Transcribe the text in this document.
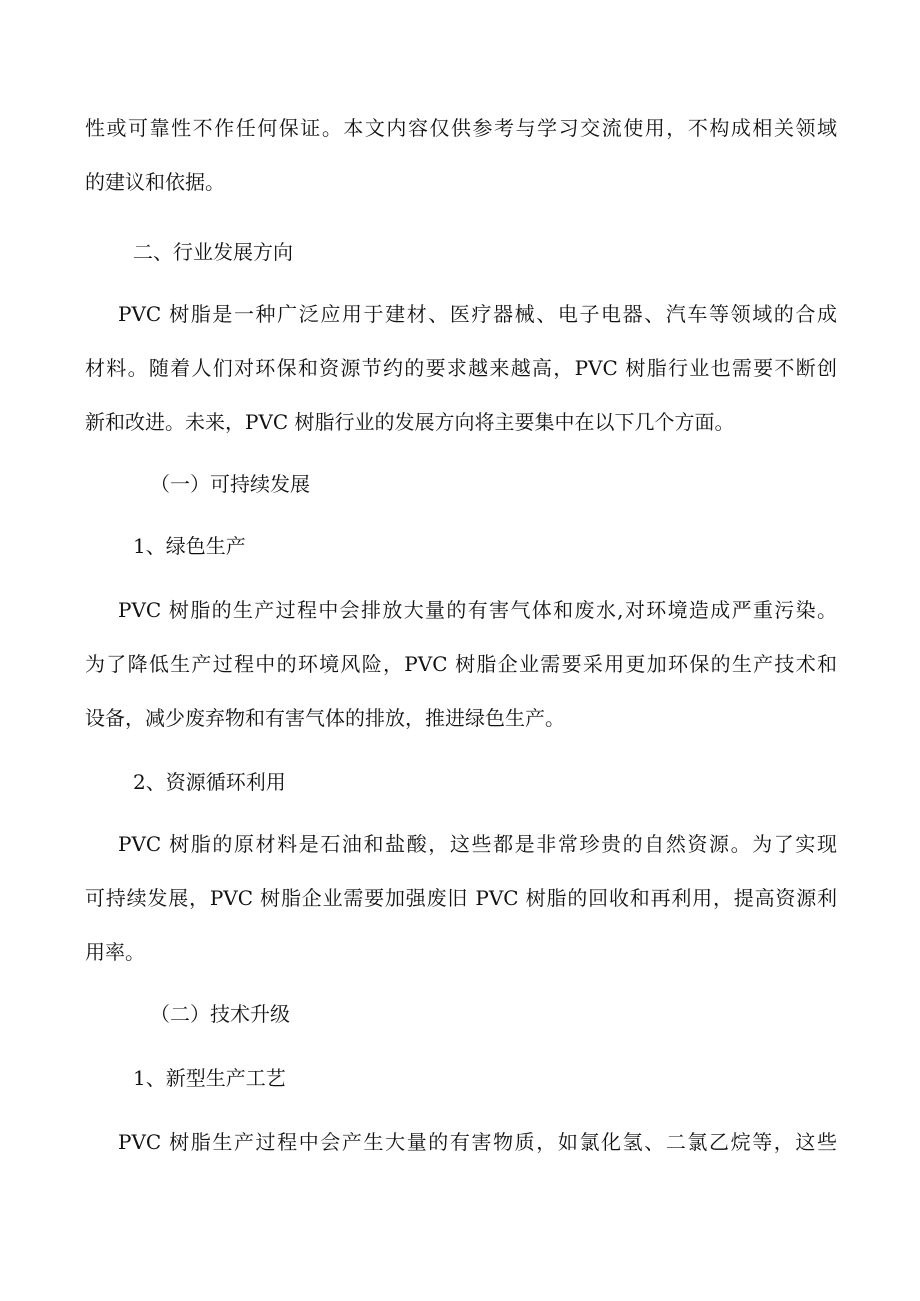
性或可靠性不作任何保证。本文内容仅供参考与学习交流使用，不构成相关领域
的建议和依据。
二、行业发展方向
PVC 树脂是一种广泛应用于建材、医疗器械、电子电器、汽车等领域的合成
材料。随着人们对环保和资源节约的要求越来越高，PVC 树脂行业也需要不断创
新和改进。未来，PVC 树脂行业的发展方向将主要集中在以下几个方面。
（一）可持续发展
1、绿色生产
PVC 树脂的生产过程中会排放大量的有害气体和废水,对环境造成严重污染。
为了降低生产过程中的环境风险，PVC 树脂企业需要采用更加环保的生产技术和
设备，减少废弃物和有害气体的排放，推进绿色生产。
2、资源循环利用
PVC 树脂的原材料是石油和盐酸，这些都是非常珍贵的自然资源。为了实现
可持续发展，PVC 树脂企业需要加强废旧 PVC 树脂的回收和再利用，提高资源利
用率。
（二）技术升级
1、新型生产工艺
PVC 树脂生产过程中会产生大量的有害物质，如氯化氢、二氯乙烷等，这些
